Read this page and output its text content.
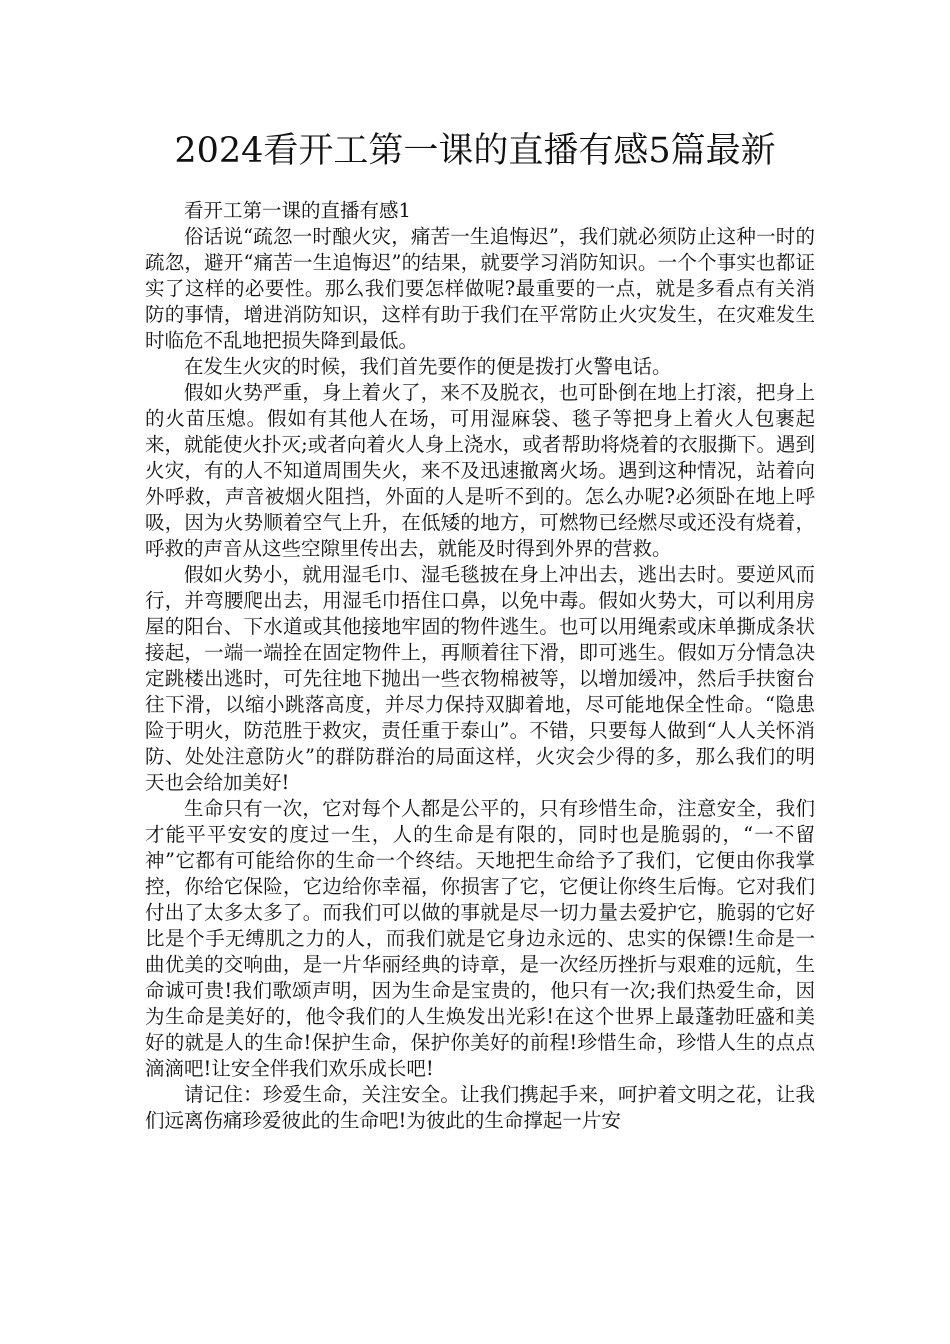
2024看开工第一课的直播有感5篇最新

看开工第一课的直播有感1

俗话说“疏忽一时酿火灾，痛苦一生追悔迟”，我们就必须防止这种一时的疏忽，避开“痛苦一生追悔迟”的结果，就要学习消防知识。一个个事实也都证实了这样的必要性。那么我们要怎样做呢?最重要的一点，就是多看点有关消防的事情，增进消防知识，这样有助于我们在平常防止火灾发生，在灾难发生时临危不乱地把损失降到最低。

在发生火灾的时候，我们首先要作的便是拨打火警电话。

假如火势严重，身上着火了，来不及脱衣，也可卧倒在地上打滚，把身上的火苗压熄。假如有其他人在场，可用湿麻袋、毯子等把身上着火人包裹起来，就能使火扑灭;或者向着火人身上浇水，或者帮助将烧着的衣服撕下。遇到火灾，有的人不知道周围失火，来不及迅速撤离火场。遇到这种情况，站着向外呼救，声音被烟火阻挡，外面的人是听不到的。怎么办呢?必须卧在地上呼吸，因为火势顺着空气上升，在低矮的地方，可燃物已经燃尽或还没有烧着，呼救的声音从这些空隙里传出去，就能及时得到外界的营救。

假如火势小，就用湿毛巾、湿毛毯披在身上冲出去，逃出去时。要逆风而行，并弯腰爬出去，用湿毛巾捂住口鼻，以免中毒。假如火势大，可以利用房屋的阳台、下水道或其他接地牢固的物件逃生。也可以用绳索或床单撕成条状接起，一端一端拴在固定物件上，再顺着往下滑，即可逃生。假如万分情急决定跳楼出逃时，可先往地下抛出一些衣物棉被等，以增加缓冲，然后手扶窗台往下滑，以缩小跳落高度，并尽力保持双脚着地，尽可能地保全性命。“隐患险于明火，防范胜于救灾，责任重于泰山”。不错，只要每人做到“人人关怀消防、处处注意防火”的群防群治的局面这样，火灾会少得的多，那么我们的明天也会给加美好!

生命只有一次，它对每个人都是公平的，只有珍惜生命，注意安全，我们才能平平安安的度过一生，人的生命是有限的，同时也是脆弱的，“一不留神”它都有可能给你的生命一个终结。天地把生命给予了我们，它便由你我掌控，你给它保险，它边给你幸福，你损害了它，它便让你终生后悔。它对我们付出了太多太多了。而我们可以做的事就是尽一切力量去爱护它，脆弱的它好比是个手无缚肌之力的人，而我们就是它身边永远的、忠实的保镖!生命是一曲优美的交响曲，是一片华丽经典的诗章，是一次经历挫折与艰难的远航，生命诚可贵!我们歌颂声明，因为生命是宝贵的，他只有一次;我们热爱生命，因为生命是美好的，他令我们的人生焕发出光彩!在这个世界上最蓬勃旺盛和美好的就是人的生命!保护生命，保护你美好的前程!珍惜生命，珍惜人生的点点滴滴吧!让安全伴我们欢乐成长吧!

请记住：珍爱生命，关注安全。让我们携起手来，呵护着文明之花，让我们远离伤痛珍爱彼此的生命吧!为彼此的生命撑起一片安
